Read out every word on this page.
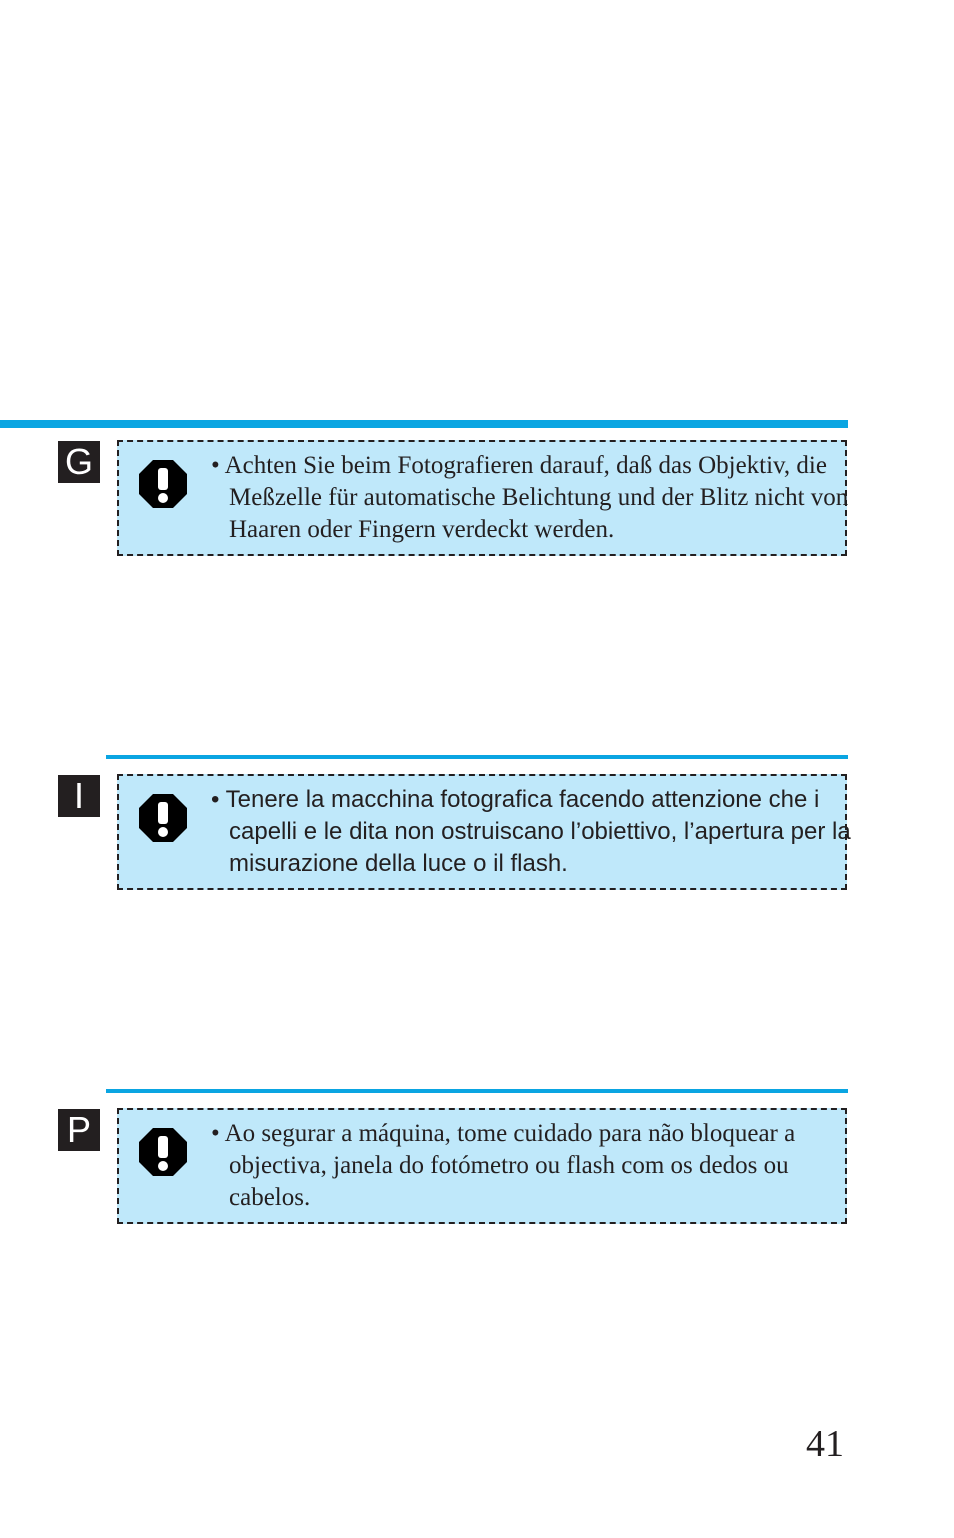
G	• Achten Sie beim Fotografieren darauf, daß das Objektiv, die Meßzelle für automatische Belichtung und der Blitz nicht von Haaren oder Fingern verdeckt werden.

I	• Tenere la macchina fotografica facendo attenzione che i capelli e le dita non ostruiscano l’obiettivo, l’apertura per la misurazione della luce o il flash.

P	• Ao segurar a máquina, tome cuidado para não bloquear a objectiva, janela do fotómetro ou flash com os dedos ou cabelos.

41
